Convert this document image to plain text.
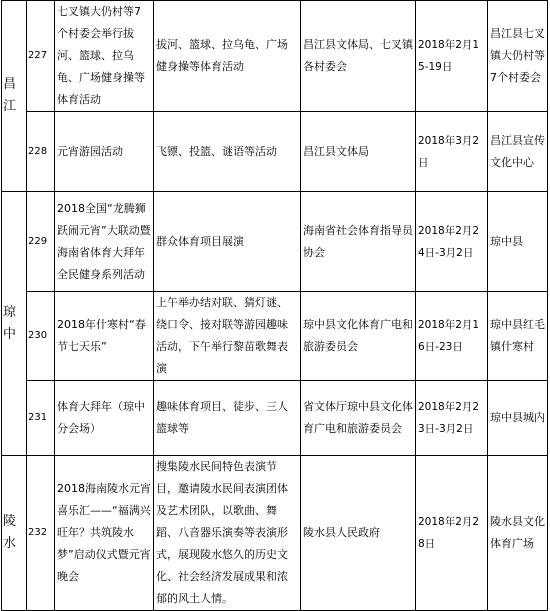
昌江	227	七叉镇大仍村等7个村委会举行拔河、篮球、拉乌龟、广场健身操等体育活动	拔河、篮球、拉乌龟、广场健身操等体育活动	昌江县文体局、七叉镇各村委会	2018年2月15-19日	昌江县七叉镇大仍村等7个村委会
	228	元宵游园活动	飞镖、投篮、谜语等活动	昌江县文体局	2018年3月2日	昌江县宣传文化中心
琼中	229	2018全国“龙腾狮跃闹元宵”大联动暨海南省体育大拜年全民健身系列活动	群众体育项目展演	海南省社会体育指导员协会	2018年2月24日-3月2日	琼中县
	230	2018年什寒村“春节七天乐”	上午举办结对联、猜灯谜、绕口令、接对联等游园趣味活动，下午举行黎苗歌舞表演	琼中县文化体育广电和旅游委员会	2018年2月16日-23日	琼中县红毛镇什寒村
	231	体育大拜年（琼中分会场）	趣味体育项目、徒步、三人篮球等	省文体厅琼中县文化体育广电和旅游委员会	2018年2月23日-3月2日	琼中县城内
陵水	232	2018海南陵水元宵喜乐汇——“福满兴旺年？共筑陵水梦”启动仪式暨元宵晚会	搜集陵水民间特色表演节目，邀请陵水民间表演团体及艺术团队，以歌曲、舞蹈、八音器乐演奏等表演形式，展现陵水悠久的历史文化、社会经济发展成果和浓郁的风土人情。	陵水县人民政府	2018年2月28日	陵水县文化体育广场
